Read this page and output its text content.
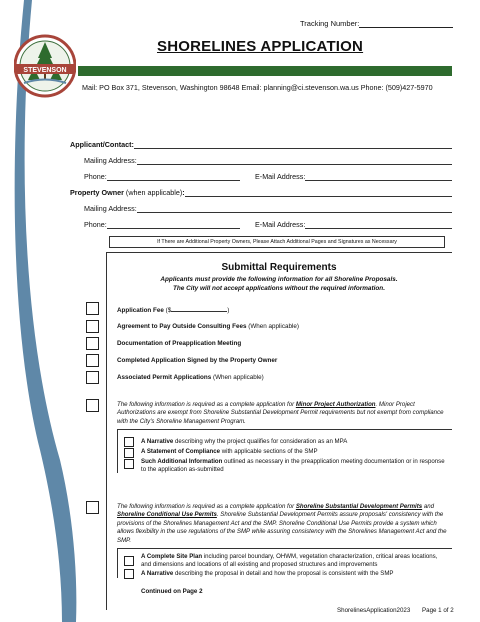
STEVENSON
Tracking Number:
SHORELINES APPLICATION
Mail: PO Box 371, Stevenson, Washington 98648 Email: planning@ci.stevenson.wa.us Phone: (509)427-5970
Applicant/Contact:
Mailing Address:
Phone:	E-Mail Address:
Property Owner
(when applicable) :
Mailing Address:
Phone:	E-Mail Address:
If There are Additional Property Owners, Please Attach Additional Pages and Signatures as Necessary
Submittal Requirements
Applicants must provide the following information for all Shoreline Proposals.
The City will not accept applications without the required information.
Application Fee ($	)
Agreement to Pay Outside Consulting Fees (When applicable)
Documentation of Preapplication Meeting
Completed Application Signed by the Property Owner
Associated Permit Applications (When applicable)
The following information is required as a complete application for Minor Project Authorization. Minor Project Authorizations are exempt from Shoreline Substantial Development Permit requirements but not exempt from compliance with the City's Shoreline Management Program.
A Narrative describing why the project qualifies for consideration as an MPA
A Statement of Compliance with applicable sections of the SMP
Such Additional Information outlined as necessary in the preapplication meeting documentation or in response to the application as-submitted
The following information is required as a complete application for Shoreline Substantial Development Permits and Shoreline Conditional Use Permits. Shoreline Substantial Development Permits assure proposals' consistency with the provisions of the Shorelines Management Act and the SMP. Shoreline Conditional Use Permits provide a system which allows flexibility in the use regulations of the SMP while assuring consistency with the Shorelines Management Act and the SMP.
A Complete Site Plan including parcel boundary, OHWM, vegetation characterization, critical areas locations, and dimensions and locations of all existing and proposed structures and improvements
A Narrative describing the proposal in detail and how the proposal is consistent with the SMP
Continued on Page 2
ShorelinesApplication2023 Page 1 of 2
